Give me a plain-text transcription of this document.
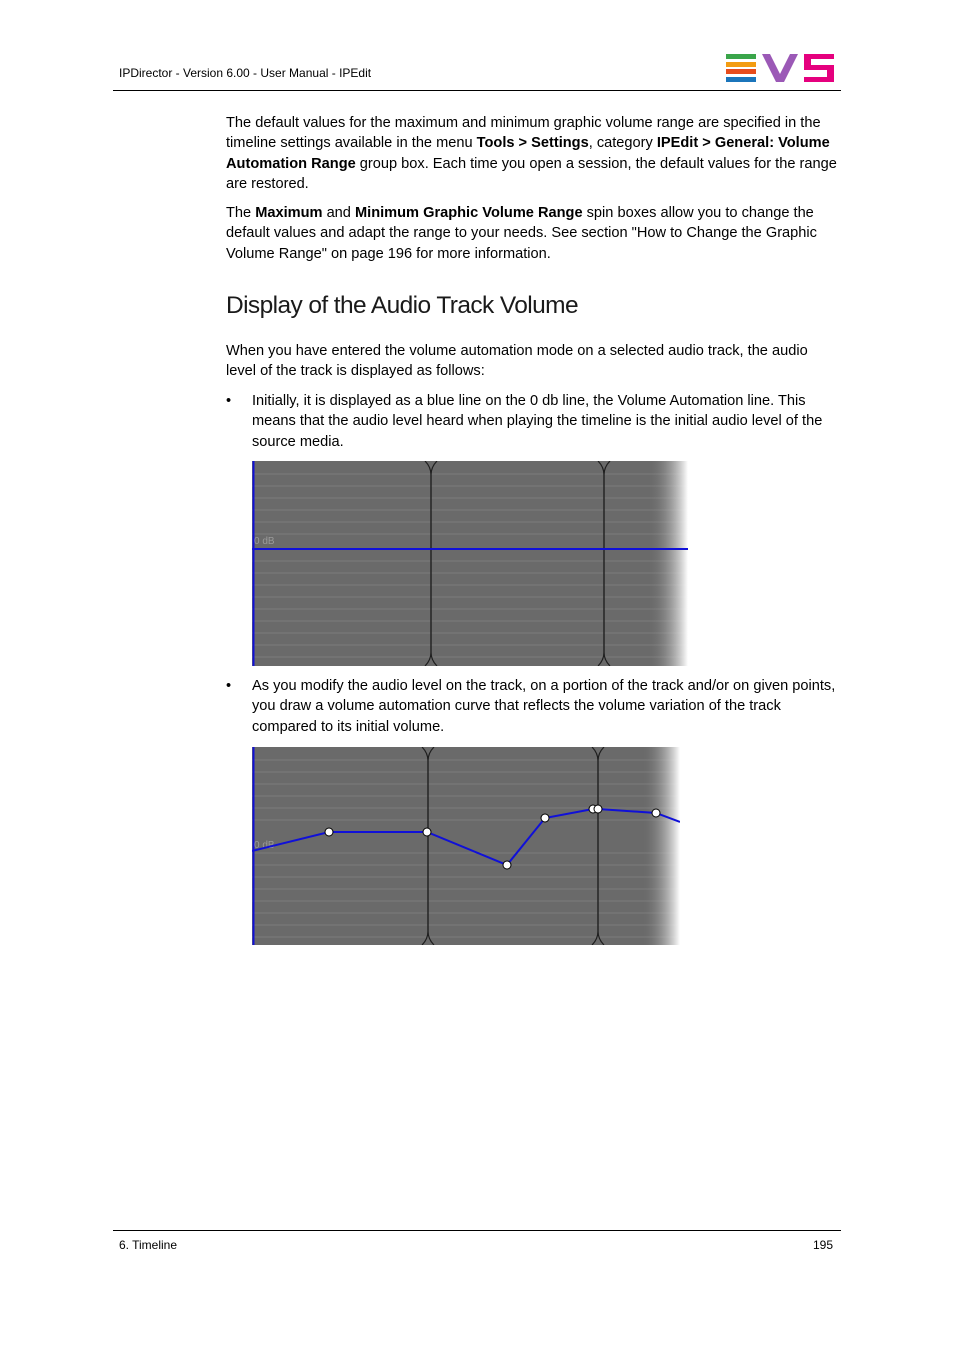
IPDirector - Version 6.00 - User Manual - IPEdit

The default values for the maximum and minimum graphic volume range are specified in the timeline settings available in the menu Tools > Settings, category IPEdit > General: Volume Automation Range group box. Each time you open a session, the default values for the range are restored.

The Maximum and Minimum Graphic Volume Range spin boxes allow you to change the default values and adapt the range to your needs. See section "How to Change the Graphic Volume Range" on page 196 for more information.

Display of the Audio Track Volume

When you have entered the volume automation mode on a selected audio track, the audio level of the track is displayed as follows:

• Initially, it is displayed as a blue line on the 0 db line, the Volume Automation line. This means that the audio level heard when playing the timeline is the initial audio level of the source media.

0 dB
• As you modify the audio level on the track, on a portion of the track and/or on given points, you draw a volume automation curve that reflects the volume variation of the track compared to its initial volume.

0 dB
6. Timeline	195
